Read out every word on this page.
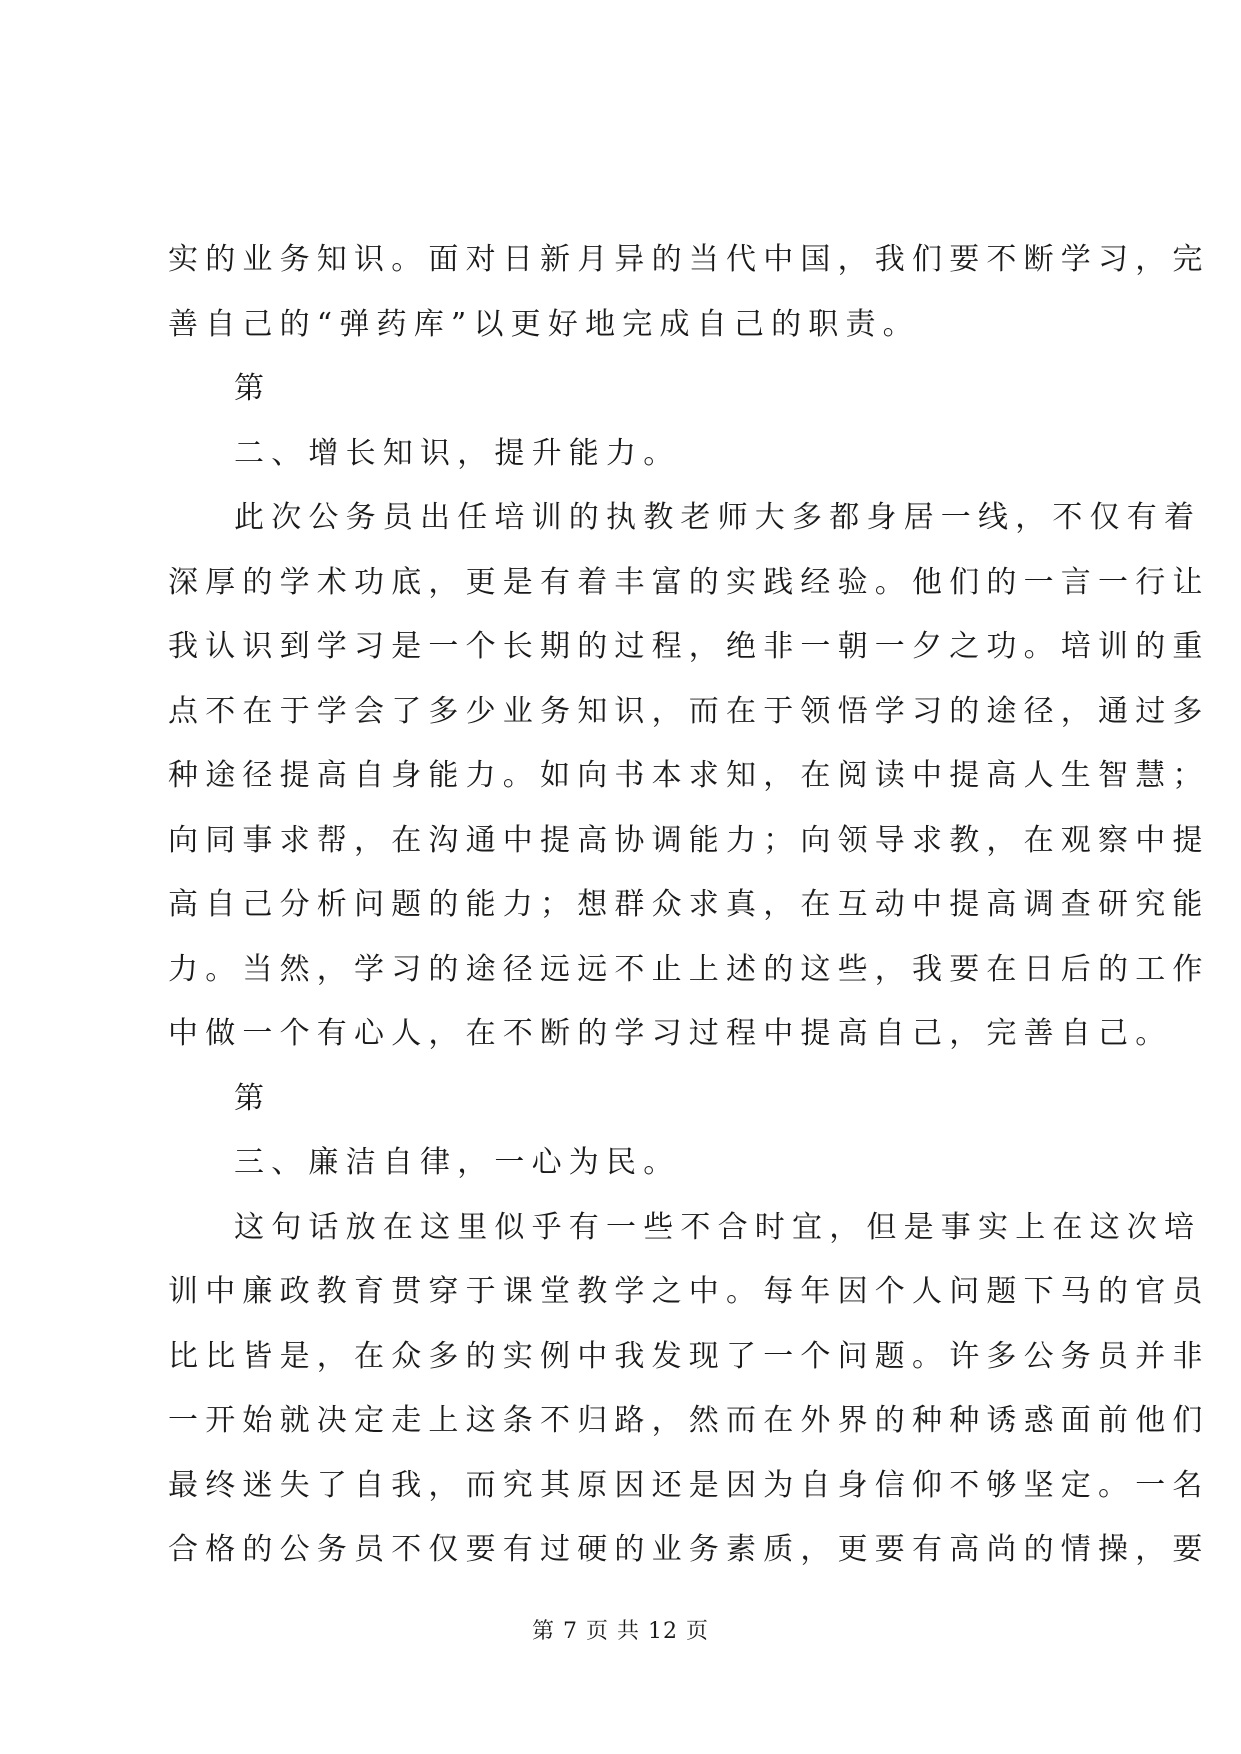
实的业务知识。面对日新月异的当代中国，我们要不断学习，完
善自己的“弹药库”以更好地完成自己的职责。
第
二、增长知识，提升能力。
此次公务员出任培训的执教老师大多都身居一线，不仅有着
深厚的学术功底，更是有着丰富的实践经验。他们的一言一行让
我认识到学习是一个长期的过程，绝非一朝一夕之功。培训的重
点不在于学会了多少业务知识，而在于领悟学习的途径，通过多
种途径提高自身能力。如向书本求知，在阅读中提高人生智慧；
向同事求帮，在沟通中提高协调能力；向领导求教，在观察中提
高自己分析问题的能力；想群众求真，在互动中提高调查研究能
力。当然，学习的途径远远不止上述的这些，我要在日后的工作
中做一个有心人，在不断的学习过程中提高自己，完善自己。
第
三、廉洁自律，一心为民。
这句话放在这里似乎有一些不合时宜，但是事实上在这次培
训中廉政教育贯穿于课堂教学之中。每年因个人问题下马的官员
比比皆是，在众多的实例中我发现了一个问题。许多公务员并非
一开始就决定走上这条不归路，然而在外界的种种诱惑面前他们
最终迷失了自我，而究其原因还是因为自身信仰不够坚定。一名
合格的公务员不仅要有过硬的业务素质，更要有高尚的情操，要
第 7 页 共 12 页
